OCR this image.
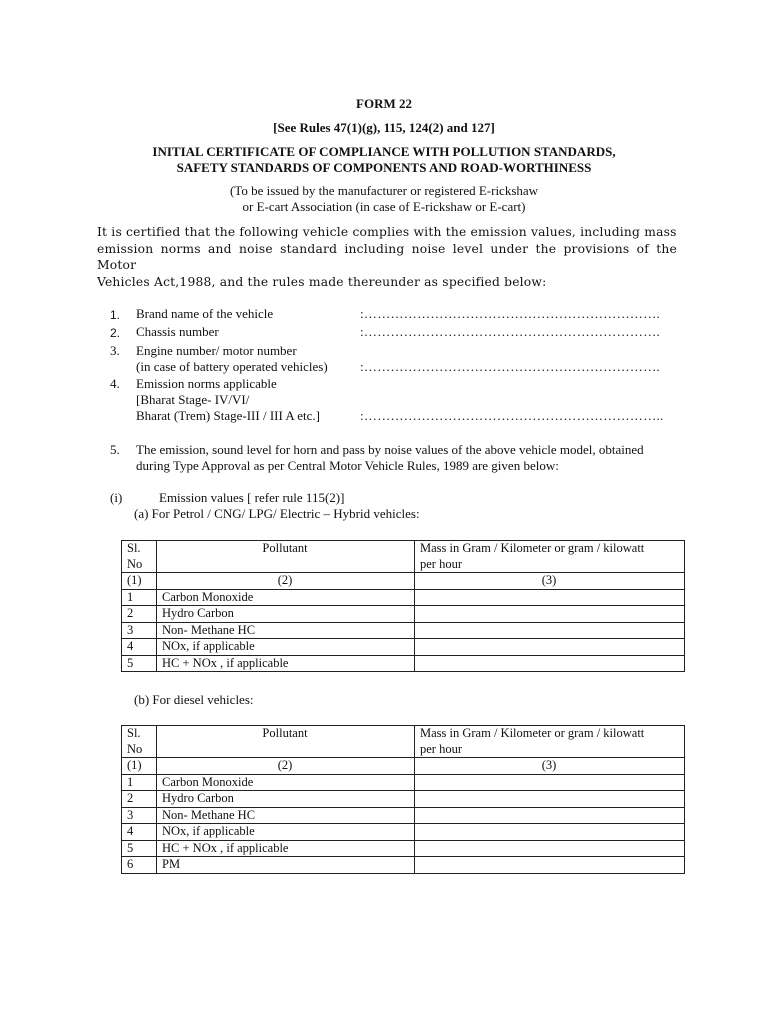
FORM 22
[See Rules 47(1)(g), 115, 124(2) and 127]
INITIAL CERTIFICATE OF COMPLIANCE WITH POLLUTION STANDARDS,
SAFETY STANDARDS OF COMPONENTS AND ROAD-WORTHINESS
(To be issued by the manufacturer or registered E-rickshaw
or E-cart Association (in case of E-rickshaw or E-cart)
It is certified that the following vehicle complies with the emission values, including mass
emission norms and noise standard including noise level under the provisions of the Motor
Vehicles Act,1988, and the rules made thereunder as specified below:
1. Brand name of the vehicle	:………………………………………………………….
2. Chassis number	:………………………………………………………….
3. Engine number/ motor number
(in case of battery operated vehicles) :………………………………………………………….
4. Emission norms applicable
[Bharat Stage- IV/VI/
Bharat (Trem) Stage-III / III A etc.]	:…………………………………………………………..
5. The emission, sound level for horn and pass by noise values of the above vehicle model, obtained
during Type Approval as per Central Motor Vehicle Rules, 1989 are given below:
(i)	Emission values [ refer rule 115(2)]
(a) For Petrol / CNG/ LPG/ Electric – Hybrid vehicles:
Sl.
No	Pollutant	Mass in Gram / Kilometer or gram / kilowatt
per hour
(1)	(2)	(3)
1	Carbon Monoxide	
2	Hydro Carbon	
3	Non- Methane HC	
4	NOx, if applicable	
5	HC + NOx , if applicable	
(b) For diesel vehicles:
Sl.
No	Pollutant	Mass in Gram / Kilometer or gram / kilowatt
per hour
(1)	(2)	(3)
1	Carbon Monoxide	
2	Hydro Carbon	
3	Non- Methane HC	
4	NOx, if applicable	
5	HC + NOx , if applicable	
6	PM	
